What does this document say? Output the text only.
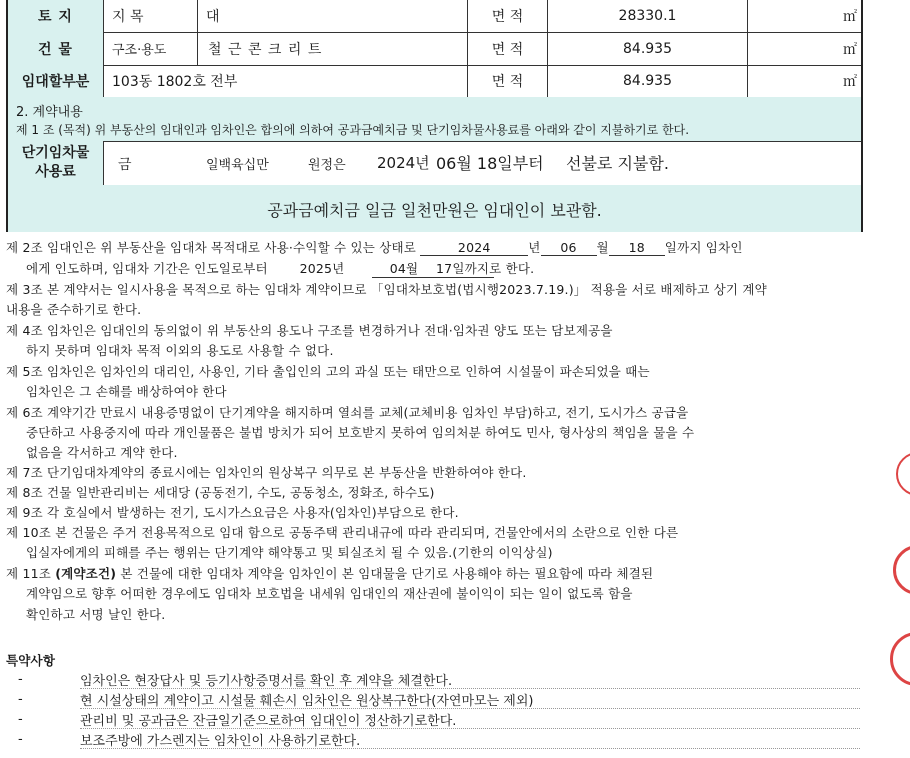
토 지	지 목	대	면 적	28330.1	㎡
건 물	구조·용도	철 근 콘 크 리 트	면 적	84.935	㎡
임대할부분	103동 1802호 전부	면 적	84.935	㎡
2. 계약내용
제 1 조 (목적) 위 부동산의 임대인과 임차인은 합의에 의하여 공과금예치금 및 단기임차물사용료를 아래와 같이 지불하기로 한다.
단기임차물
사용료	금	일백육십만	원정은 2024년 06월 18일부터 선불로 지불함.
공과금예치금 일금 일천만원은 임대인이 보관함.
제 2조 임대인은 위 부동산을 임대차 목적대로 사용·수익할 수 있는 상태로	2024	년 06 월 18 일까지 임차인
에게 인도하며, 임대차 기간은 인도일로부터	2025년	04월 17일까지로 한다.
제 3조 본 계약서는 일시사용을 목적으로 하는 임대차 계약이므로 「임대차보호법(법시행2023.7.19.)」 적용을 서로 배제하고 상기 계약
내용을 준수하기로 한다.
제 4조 임차인은 임대인의 동의없이 위 부동산의 용도나 구조를 변경하거나 전대·임차권 양도 또는 담보제공을
하지 못하며 임대차 목적 이외의 용도로 사용할 수 없다.
제 5조 임차인은 임차인의 대리인, 사용인, 기타 출입인의 고의 과실 또는 태만으로 인하여 시설물이 파손되었을 때는
임차인은 그 손해를 배상하여야 한다
제 6조 계약기간 만료시 내용증명없이 단기계약을 해지하며 열쇠를 교체(교체비용 임차인 부담)하고, 전기, 도시가스 공급을
중단하고 사용중지에 따라 개인물품은 불법 방치가 되어 보호받지 못하여 임의처분 하여도 민사, 형사상의 책임을 물을 수
없음을 각서하고 계약 한다.
제 7조 단기임대차계약의 종료시에는 임차인의 원상복구 의무로 본 부동산을 반환하여야 한다.
제 8조 건물 일반관리비는 세대당 (공동전기, 수도, 공동청소, 정화조, 하수도)
제 9조 각 호실에서 발생하는 전기, 도시가스요금은 사용자(임차인)부담으로 한다.
제 10조 본 건물은 주거 전용목적으로 임대 함으로 공동주택 관리내규에 따라 관리되며, 건물안에서의 소란으로 인한 다른
입실자에게의 피해를 주는 행위는 단기계약 해약통고 및 퇴실조치 될 수 있음.(기한의 이익상실)
제 11조 (계약조건) 본 건물에 대한 임대차 계약을 임차인이 본 임대물을 단기로 사용해야 하는 필요함에 따라 체결된
계약임으로 향후 어떠한 경우에도 임대차 보호법을 내세워 임대인의 재산권에 불이익이 되는 일이 없도록 함을
확인하고 서명 날인 한다.
특약사항
-	임차인은 현장답사 및 등기사항증명서를 확인 후 계약을 체결한다.
-	현 시설상태의 계약이고 시설물 훼손시 임차인은 원상복구한다(자연마모는 제외)
-	관리비 및 공과금은 잔금일기준으로하여 임대인이 정산하기로한다.
-	보조주방에 가스렌지는 임차인이 사용하기로한다.
